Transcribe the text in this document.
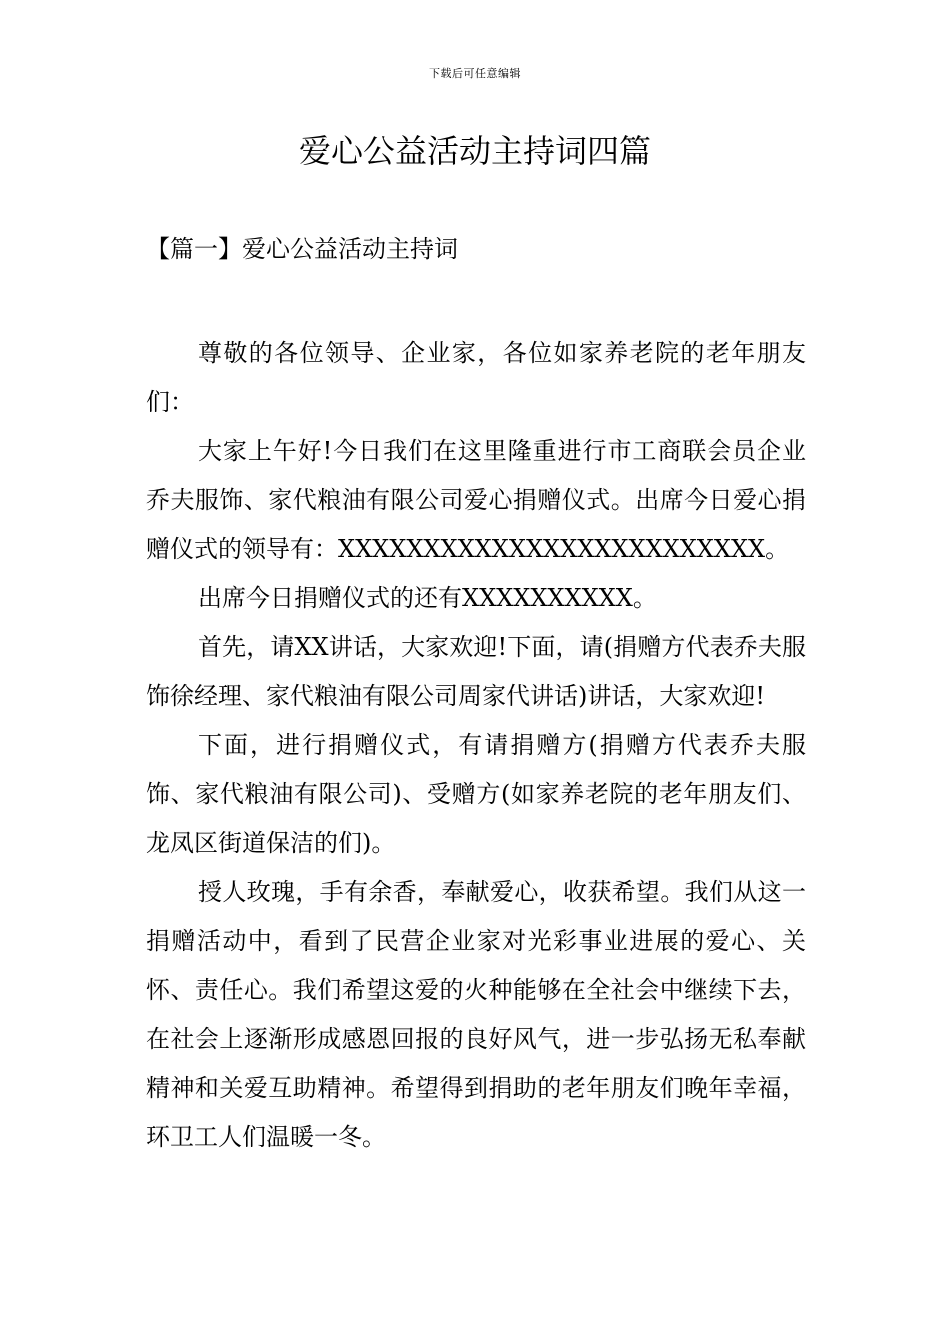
下载后可任意编辑
爱心公益活动主持词四篇
【篇一】爱心公益活动主持词

尊敬的各位领导、企业家，各位如家养老院的老年朋友们：

大家上午好!今日我们在这里隆重进行市工商联会员企业乔夫服饰、家代粮油有限公司爱心捐赠仪式。出席今日爱心捐赠仪式的领导有：XXXXXXXXXXXXXXXXXXXXXXXXX。

出席今日捐赠仪式的还有XXXXXXXXXX。

首先，请XX讲话，大家欢迎!下面，请(捐赠方代表乔夫服饰徐经理、家代粮油有限公司周家代讲话)讲话，大家欢迎!

下面，进行捐赠仪式，有请捐赠方(捐赠方代表乔夫服饰、家代粮油有限公司)、受赠方(如家养老院的老年朋友们、龙凤区街道保洁的们)。

授人玫瑰，手有余香，奉献爱心，收获希望。我们从这一捐赠活动中，看到了民营企业家对光彩事业进展的爱心、关怀、责任心。我们希望这爱的火种能够在全社会中继续下去，在社会上逐渐形成感恩回报的良好风气，进一步弘扬无私奉献精神和关爱互助精神。希望得到捐助的老年朋友们晚年幸福，环卫工人们温暖一冬。
